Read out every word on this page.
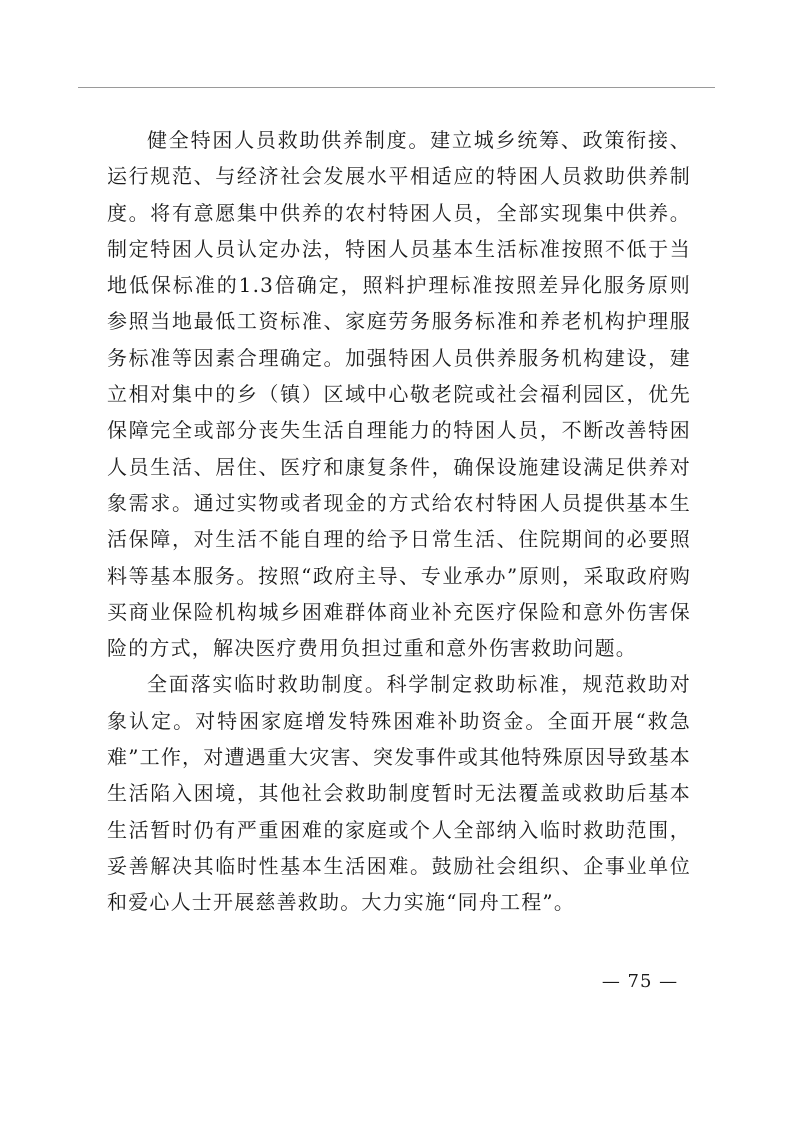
健全特困人员救助供养制度。建立城乡统筹、政策衔接、运行规范、与经济社会发展水平相适应的特困人员救助供养制度。将有意愿集中供养的农村特困人员，全部实现集中供养。制定特困人员认定办法，特困人员基本生活标准按照不低于当地低保标准的1.3倍确定，照料护理标准按照差异化服务原则参照当地最低工资标准、家庭劳务服务标准和养老机构护理服务标准等因素合理确定。加强特困人员供养服务机构建设，建立相对集中的乡（镇）区域中心敬老院或社会福利园区，优先保障完全或部分丧失生活自理能力的特困人员，不断改善特困人员生活、居住、医疗和康复条件，确保设施建设满足供养对象需求。通过实物或者现金的方式给农村特困人员提供基本生活保障，对生活不能自理的给予日常生活、住院期间的必要照料等基本服务。按照“政府主导、专业承办”原则，采取政府购买商业保险机构城乡困难群体商业补充医疗保险和意外伤害保险的方式，解决医疗费用负担过重和意外伤害救助问题。

全面落实临时救助制度。科学制定救助标准，规范救助对象认定。对特困家庭增发特殊困难补助资金。全面开展“救急难”工作，对遭遇重大灾害、突发事件或其他特殊原因导致基本生活陷入困境，其他社会救助制度暂时无法覆盖或救助后基本生活暂时仍有严重困难的家庭或个人全部纳入临时救助范围，妥善解决其临时性基本生活困难。鼓励社会组织、企事业单位和爱心人士开展慈善救助。大力实施“同舟工程”。

— 75 —
